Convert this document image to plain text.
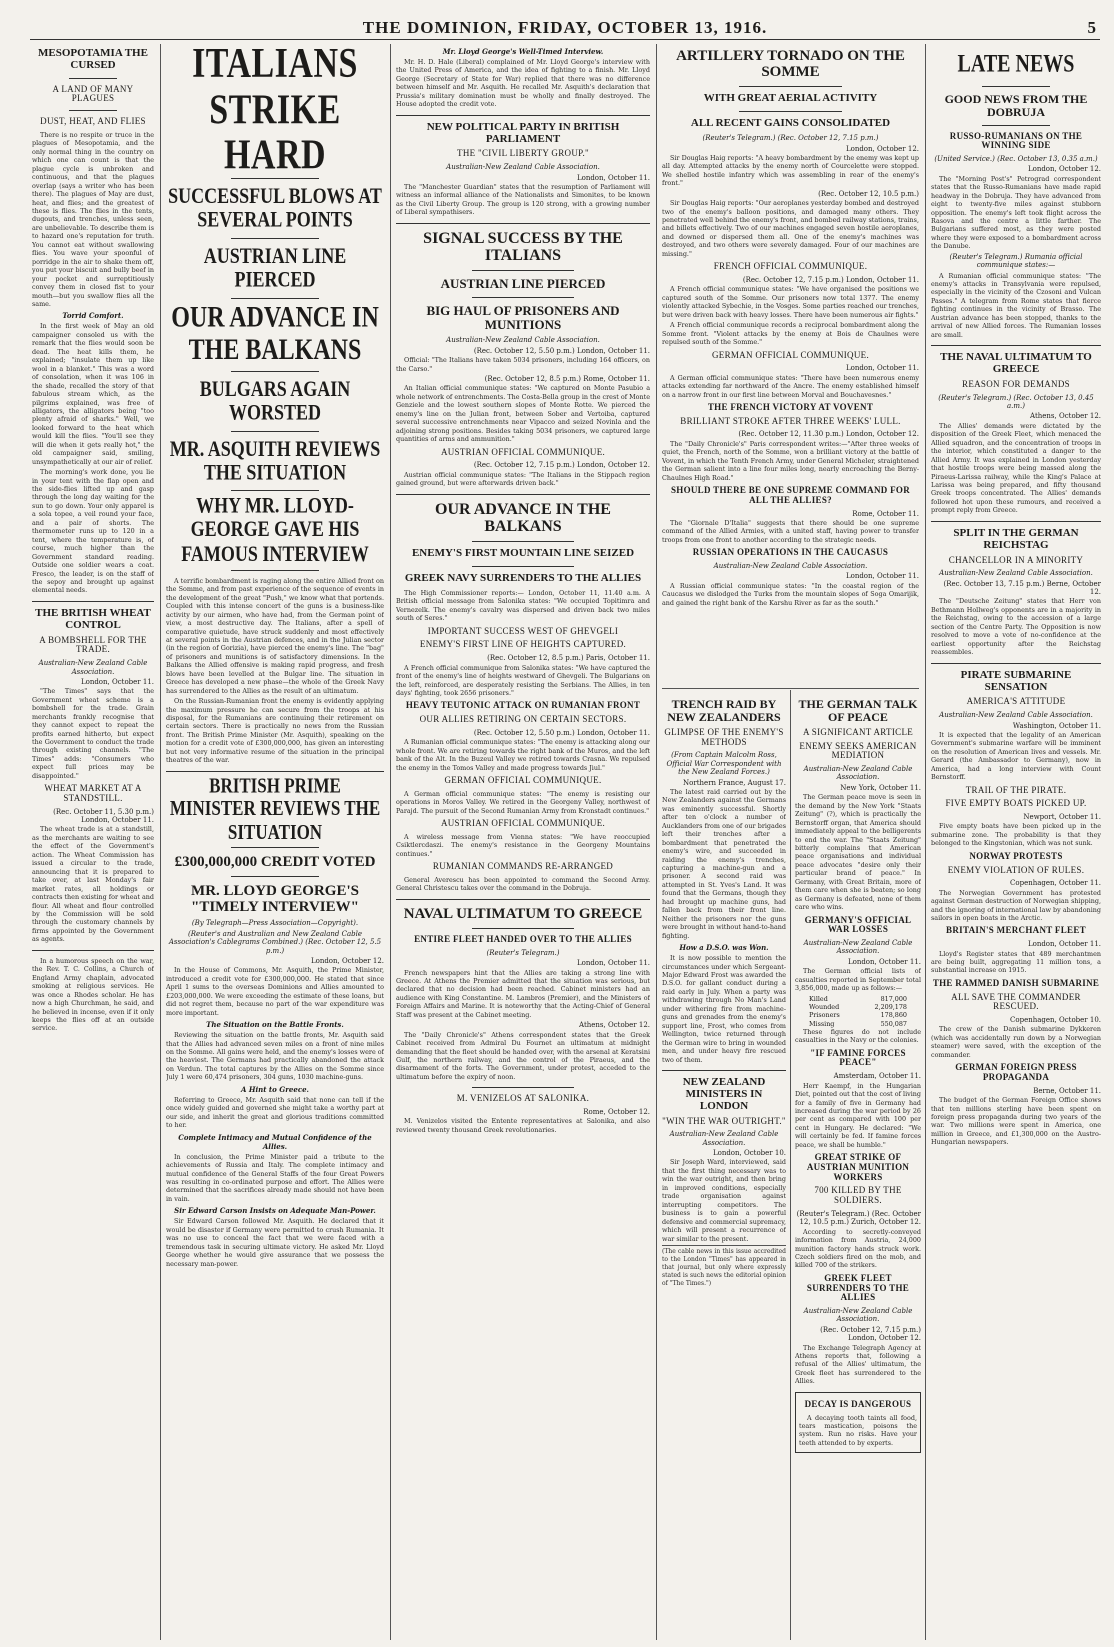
THE DOMINION, FRIDAY, OCTOBER 13, 1916.	5
MESOPOTAMIA THE CURSED
A LAND OF MANY PLAGUES
DUST, HEAT, AND FLIES
There is no respite or truce in the plagues of Mesopotamia, and the only normal thing in the country on which one can count is that the plague cycle is unbroken and continuous, and that the plagues overlap (says a writer who has been there). The plagues of May are dust, heat, and flies; and the greatest of these is flies. The flies in the tents, dugouts, and trenches, unless seen, are unbelievable. To describe them is to hazard one's reputation for truth. You cannot eat without swallowing flies. You wave your spoonful of porridge in the air to shake them off, you put your biscuit and bully beef in your pocket and surreptitiously convey them in closed fist to your mouth—but you swallow flies all the same.
Torrid Comfort.
In the first week of May an old campaigner consoled us with the remark that the flies would soon be dead. The heat kills them, he explained; "insulate them up like wool in a blanket." This was a word of consolation, when it was 106 in the shade, recalled the story of that fabulous stream which, as the pilgrims explained, was free of alligators, the alligators being "too plenty afraid of sharks." Well, we looked forward to the heat which would kill the flies. "You'll see they will die when it gets really hot," the old campaigner said, smiling, unsympathetically at our air of relief.
The morning's work done, you lie in your tent with the flap open and the side-flies lifted up and gasp through the long day waiting for the sun to go down. Your only apparel is a sola topee, a veil round your face, and a pair of shorts. The thermometer runs up to 120 in a tent, where the temperature is, of course, much higher than the Government standard reading. Outside one soldier wears a coat. Fresco, the leader, is on the staff of the sepoy and brought up against elemental needs.
THE BRITISH WHEAT CONTROL
A BOMBSHELL FOR THE TRADE.
Australian-New Zealand Cable Association.
London, October 11.
"The Times" says that the Government wheat scheme is a bombshell for the trade. Grain merchants frankly recognise that they cannot expect to repeat the profits earned hitherto, but expect the Government to conduct the trade through existing channels. "The Times" adds: "Consumers who expect full prices may be disappointed."
WHEAT MARKET AT A STANDSTILL.
(Rec. October 11, 5.30 p.m.) London, October 11.
The wheat trade is at a standstill, as the merchants are waiting to see the effect of the Government's action. The Wheat Commission has issued a circular to the trade, announcing that it is prepared to take over, at last Monday's fair market rates, all holdings or contracts then existing for wheat and flour. All wheat and flour controlled by the Commission will be sold through the customary channels by firms appointed by the Government as agents.
In a humorous speech on the war, the Rev. T. C. Collins, a Church of England Army chaplain, advocated smoking at religious services. He was once a Rhodes scholar. He has now a high Churchman, he said, and he believed in incense, even if it only keeps the flies off at an outside service.
ITALIANS STRIKE HARD
SUCCESSFUL BLOWS AT SEVERAL POINTS
AUSTRIAN LINE PIERCED
OUR ADVANCE IN THE BALKANS
BULGARS AGAIN WORSTED
MR. ASQUITH REVIEWS THE SITUATION
WHY MR. LLOYD-GEORGE GAVE HIS FAMOUS INTERVIEW
A terrific bombardment is raging along the entire Allied front on the Somme, and from past experience of the sequence of events in the development of the great "Push," we know what that portends. Coupled with this intense concert of the guns is a business-like activity by our airmen, who have had, from the German point of view, a most destructive day. The Italians, after a spell of comparative quietude, have struck suddenly and most effectively at several points in the Austrian defences, and in the Julian sector (in the region of Gorizia), have pierced the enemy's line. The "bag" of prisoners and munitions is of satisfactory dimensions. In the Balkans the Allied offensive is making rapid progress, and fresh blows have been levelled at the Bulgar line. The situation in Greece has developed a new phase—the whole of the Greek Navy has surrendered to the Allies as the result of an ultimatum.
On the Russian-Rumanian front the enemy is evidently applying the maximum pressure he can secure from the troops at his disposal, for the Rumanians are continuing their retirement on certain sectors. There is practically no news from the Russian front. The British Prime Minister (Mr. Asquith), speaking on the motion for a credit vote of £300,000,000, has given an interesting but not very informative resume of the situation in the principal theatres of the war.
BRITISH PRIME MINISTER REVIEWS THE SITUATION
£300,000,000 CREDIT VOTED
MR. LLOYD GEORGE'S "TIMELY INTERVIEW"
(By Telegraph—Press Association—Copyright).
(Reuter's and Australian and New Zealand Cable Association's Cablegrams Combined.) (Rec. October 12, 5.5 p.m.)
London, October 12.
In the House of Commons, Mr. Asquith, the Prime Minister, introduced a credit vote for £300,000,000. He stated that since April 1 sums to the overseas Dominions and Allies amounted to £203,000,000. We were exceeding the estimate of these loans, but did not regret them, because no part of the war expenditure was more important.
The Situation on the Battle Fronts.
Reviewing the situation on the battle fronts, Mr. Asquith said that the Allies had advanced seven miles on a front of nine miles on the Somme. All gains were held, and the enemy's losses were of the heaviest. The Germans had practically abandoned the attack on Verdun. The total captures by the Allies on the Somme since July 1 were 60,474 prisoners, 304 guns, 1030 machine-guns.
A Hint to Greece.
Referring to Greece, Mr. Asquith said that none can tell if the once widely guided and governed she might take a worthy part at our side, and inherit the great and glorious traditions committed to her.
Complete Intimacy and Mutual Confidence of the Allies.
In conclusion, the Prime Minister paid a tribute to the achievements of Russia and Italy. The complete intimacy and mutual confidence of the General Staffs of the four Great Powers was resulting in co-ordinated purpose and effort. The Allies were determined that the sacrifices already made should not have been in vain.
Sir Edward Carson Insists on Adequate Man-Power.
Sir Edward Carson followed Mr. Asquith. He declared that it would be disaster if Germany were permitted to crush Rumania. It was no use to conceal the fact that we were faced with a tremendous task in securing ultimate victory. He asked Mr. Lloyd George whether he would give assurance that we possess the necessary man-power.
Mr. Lloyd George's Well-Timed Interview.
Mr. H. D. Hale (Liberal) complained of Mr. Lloyd George's interview with the United Press of America, and the idea of fighting to a finish. Mr. Lloyd George (Secretary of State for War) replied that there was no difference between himself and Mr. Asquith. He recalled Mr. Asquith's declaration that Prussia's military domination must be wholly and finally destroyed. The House adopted the credit vote.
NEW POLITICAL PARTY IN BRITISH PARLIAMENT
THE "CIVIL LIBERTY GROUP."
Australian-New Zealand Cable Association.
London, October 11.
The "Manchester Guardian" states that the resumption of Parliament will witness an informal alliance of the Nationalists and Simonites, to be known as the Civil Liberty Group. The group is 120 strong, with a growing number of Liberal sympathisers.
SIGNAL SUCCESS BY THE ITALIANS
AUSTRIAN LINE PIERCED
BIG HAUL OF PRISONERS AND MUNITIONS
Australian-New Zealand Cable Association.
(Rec. October 12, 5.50 p.m.) London, October 11.
Official: "The Italians have taken 5034 prisoners, including 164 officers, on the Carso."
(Rec. October 12, 8.5 p.m.) Rome, October 11.
An Italian official communique states: "We captured on Monte Pasubio a whole network of entrenchments. The Costa-Bella group in the crest of Monte Genziele and the lowest southern slopes of Monte Rotte. We pierced the enemy's line on the Julian front, between Sober and Vertoiba, captured several successive entrenchments near Vipacco and seized Novinla and the adjoining strong positions. Besides taking 5034 prisoners, we captured large quantities of arms and ammunition."
AUSTRIAN OFFICIAL COMMUNIQUE.
(Rec. October 12, 7.15 p.m.) London, October 12.
Austrian official communique states: "The Italians in the Stippach region gained ground, but were afterwards driven back."
OUR ADVANCE IN THE BALKANS
ENEMY'S FIRST MOUNTAIN LINE SEIZED
GREEK NAVY SURRENDERS TO THE ALLIES
The High Commissioner reports:— London, October 11, 11.40 a.m. A British official message from Salonika states: "We occupied Topitimra and Vernezelk. The enemy's cavalry was dispersed and driven back two miles south of Seres."
IMPORTANT SUCCESS WEST OF GHEVGELI
ENEMY'S FIRST LINE OF HEIGHTS CAPTURED.
(Rec. October 12, 8.5 p.m.) Paris, October 11.
A French official communique from Salonika states: "We have captured the front of the enemy's line of heights westward of Ghevgeli. The Bulgarians on the left, reinforced, are desperately resisting the Serbians. The Allies, in ten days' fighting, took 2656 prisoners."
HEAVY TEUTONIC ATTACK ON RUMANIAN FRONT
OUR ALLIES RETIRING ON CERTAIN SECTORS.
(Rec. October 12, 5.50 p.m.) London, October 11.
A Rumanian official communique states: "The enemy is attacking along our whole front. We are retiring towards the right bank of the Muros, and the left bank of the Alt. In the Buzeul Valley we retired towards Crasna. We repulsed the enemy in the Tomos Valley and made progress towards Jiul."
GERMAN OFFICIAL COMMUNIQUE.
A German official communique states: "The enemy is resisting our operations in Moros Valley. We retired in the Georgeny Valley, northwest of Parajd. The pursuit of the Second Rumanian Army from Kronstadt continues."
AUSTRIAN OFFICIAL COMMUNIQUE.
A wireless message from Vienna states: "We have reoccupied Csiktlercdaszi. The enemy's resistance in the Georgeny Mountains continues."
RUMANIAN COMMANDS RE-ARRANGED
General Averescu has been appointed to command the Second Army. General Christescu takes over the command in the Dobruja.
NAVAL ULTIMATUM TO GREECE
ENTIRE FLEET HANDED OVER TO THE ALLIES
(Reuter's Telegram.)
London, October 11.
French newspapers hint that the Allies are taking a strong line with Greece. At Athens the Premier admitted that the situation was serious, but declared that no decision had been reached. Cabinet ministers had an audience with King Constantine. M. Lambros (Premier), and the Ministers of Foreign Affairs and Marine. It is noteworthy that the Acting-Chief of General Staff was present at the Cabinet meeting.
Athens, October 12.
The "Daily Chronicle's" Athens correspondent states that the Greek Cabinet received from Admiral Du Fournet an ultimatum at midnight demanding that the fleet should be handed over, with the arsenal at Keratsini Gulf, the northern railway, and the control of the Piraeus, and the disarmament of the forts. The Government, under protest, acceded to the ultimatum before the expiry of noon.
M. VENIZELOS AT SALONIKA.
Rome, October 12.
M. Venizelos visited the Entente representatives at Salonika, and also reviewed twenty thousand Greek revolutionaries.
ARTILLERY TORNADO ON THE SOMME
WITH GREAT AERIAL ACTIVITY
ALL RECENT GAINS CONSOLIDATED
(Reuter's Telegram.) (Rec. October 12, 7.15 p.m.)
London, October 12.
Sir Douglas Haig reports: "A heavy bombardment by the enemy was kept up all day. Attempted attacks by the enemy north of Courcelette were stopped. We shelled hostile infantry which was assembling in rear of the enemy's front."
(Rec. October 12, 10.5 p.m.)
Sir Douglas Haig reports: "Our aeroplanes yesterday bombed and destroyed two of the enemy's balloon positions, and damaged many others. They penetrated well behind the enemy's front, and bombed railway stations, trains, and billets effectively. Two of our machines engaged seven hostile aeroplanes, and downed or dispersed them all. One of the enemy's machines was destroyed, and two others were severely damaged. Four of our machines are missing."
FRENCH OFFICIAL COMMUNIQUE.
(Rec. October 12, 7.15 p.m.) London, October 11.
A French official communique states: "We have organised the positions we captured south of the Somme. Our prisoners now total 1377. The enemy violently attacked Sybechie, in the Vosges. Some parties reached our trenches, but were driven back with heavy losses. There have been numerous air fights."
A French official communique records a reciprocal bombardment along the Somme front. "Violent attacks by the enemy at Bois de Chaulnes were repulsed south of the Somme."
GERMAN OFFICIAL COMMUNIQUE.
London, October 11.
A German official communique states: "There have been numerous enemy attacks extending far northward of the Ancre. The enemy established himself on a narrow front in our first line between Morval and Bouchavesnes."
THE FRENCH VICTORY AT VOVENT
BRILLIANT STROKE AFTER THREE WEEKS' LULL.
(Rec. October 12, 11.30 p.m.) London, October 12.
The "Daily Chronicle's" Paris correspondent writes:—"After three weeks of quiet, the French, north of the Somme, won a brilliant victory at the battle of Vovent, in which the Tenth French Army, under General Micheler, straightened the German salient into a line four miles long, nearly encroaching the Berny-Chaulnes High Road."
SHOULD THERE BE ONE SUPREME COMMAND FOR ALL THE ALLIES?
Rome, October 11.
The "Giornale D'Italia" suggests that there should be one supreme command of the Allied Armies, with a united staff, having power to transfer troops from one front to another according to the strategic needs.
RUSSIAN OPERATIONS IN THE CAUCASUS
Australian-New Zealand Cable Association.
London, October 11.
A Russian official communique states: "In the coastal region of the Caucasus we dislodged the Turks from the mountain slopes of Soga Omarijik, and gained the right bank of the Karshu River as far as the south."
TRENCH RAID BY NEW ZEALANDERS
GLIMPSE OF THE ENEMY'S METHODS
(From Captain Malcolm Ross, Official War Correspondent with the New Zealand Forces.)
Northern France, August 17.
The latest raid carried out by the New Zealanders against the Germans was eminently successful. Shortly after ten o'clock a number of Aucklanders from one of our brigades left their trenches after a bombardment that penetrated the enemy's wire, and succeeded in raiding the enemy's trenches, capturing a machine-gun and a prisoner. A second raid was attempted in St. Yves's Land. It was found that the Germans, though they had brought up machine guns, had fallen back from their front line. Neither the prisoners nor the guns were brought in without hand-to-hand fighting.
How a D.S.O. was Won.
It is now possible to mention the circumstances under which Sergeant-Major Edward Frost was awarded the D.S.O. for gallant conduct during a raid early in July. When a party was withdrawing through No Man's Land under withering fire from machine-guns and grenades from the enemy's support line, Frost, who comes from Wellington, twice returned through the German wire to bring in wounded men, and under heavy fire rescued two of them.
NEW ZEALAND MINISTERS IN LONDON
"WIN THE WAR OUTRIGHT."
Australian-New Zealand Cable Association.
London, October 10.
Sir Joseph Ward, interviewed, said that the first thing necessary was to win the war outright, and then bring in improved conditions, especially trade organisation against interrupting competitors. The business is to gain a powerful defensive and commercial supremacy, which will present a recurrence of war similar to the present.
(The cable news in this issue accredited to the London "Times" has appeared in that journal, but only where expressly stated is such news the editorial opinion of "The Times.")
THE GERMAN TALK OF PEACE
A SIGNIFICANT ARTICLE
ENEMY SEEKS AMERICAN MEDIATION
Australian-New Zealand Cable Association.
New York, October 11.
The German peace move is seen in the demand by the New York "Staats Zeitung" (?), which is practically the Bernstorff organ, that America should immediately appeal to the belligerents to end the war. The "Staats Zeitung" bitterly complains that American peace organisations and individual peace advocates "desire only their particular brand of peace." In Germany, with Great Britain, more of them care when she is beaten; so long as Germany is defeated, none of them care who wins.
GERMANY'S OFFICIAL WAR LOSSES
Australian-New Zealand Cable Association.
London, October 11.
The German official lists of casualties reported in September total 3,856,000, made up as follows:—
Killed	817,000
Wounded	2,209,178
Prisoners	178,860
Missing	550,087
These figures do not include casualties in the Navy or the colonies.
"IF FAMINE FORCES PEACE"
Amsterdam, October 11.
Herr Kaempf, in the Hungarian Diet, pointed out that the cost of living for a family of five in Germany had increased during the war period by 26 per cent as compared with 100 per cent in Hungary. He declared: "We will certainly be fed. If famine forces peace, we shall be humble."
GREAT STRIKE OF AUSTRIAN MUNITION WORKERS
700 KILLED BY THE SOLDIERS.
(Reuter's Telegram.) (Rec. October 12, 10.5 p.m.) Zurich, October 12.
According to secretly-conveyed information from Austria, 24,000 munition factory hands struck work. Czech soldiers fired on the mob, and killed 700 of the strikers.
GREEK FLEET SURRENDERS TO THE ALLIES
Australian-New Zealand Cable Association.
(Rec. October 12, 7.15 p.m.) London, October 12.
The Exchange Telegraph Agency at Athens reports that, following a refusal of the Allies' ultimatum, the Greek fleet has surrendered to the Allies.
DECAY IS DANGEROUS
A decaying tooth taints all food, tears mastication, poisons the system. Run no risks. Have your teeth attended to by experts.
LATE NEWS
GOOD NEWS FROM THE DOBRUJA
RUSSO-RUMANIANS ON THE WINNING SIDE
(United Service.) (Rec. October 13, 0.35 a.m.)
London, October 12.
The "Morning Post's" Petrograd correspondent states that the Russo-Rumanians have made rapid headway in the Dobruja. They have advanced from eight to twenty-five miles against stubborn opposition. The enemy's left took flight across the Rasova and the centre a little farther. The Bulgarians suffered most, as they were posted where they were exposed to a bombardment across the Danube.
(Reuter's Telegram.) Rumania official communique states:—
A Rumanian official communique states: "The enemy's attacks in Transylvania were repulsed, especially in the vicinity of the Czosoni and Vulcan Passes." A telegram from Rome states that fierce fighting continues in the vicinity of Brasso. The Austrian advance has been stopped, thanks to the arrival of new Allied forces. The Rumanian losses are small.
THE NAVAL ULTIMATUM TO GREECE
REASON FOR DEMANDS
(Reuter's Telegram.) (Rec. October 13, 0.45 a.m.)
Athens, October 12.
The Allies' demands were dictated by the disposition of the Greek Fleet, which menaced the Allied squadron, and the concentration of troops in the interior, which constituted a danger to the Allied Army. It was explained in London yesterday that hostile troops were being massed along the Piraeus-Larissa railway, while the King's Palace at Larissa was being prepared, and fifty thousand Greek troops concentrated. The Allies' demands followed hot upon these rumours, and received a prompt reply from Greece.
SPLIT IN THE GERMAN REICHSTAG
CHANCELLOR IN A MINORITY
Australian-New Zealand Cable Association.
(Rec. October 13, 7.15 p.m.) Berne, October 12.
The "Deutsche Zeitung" states that Herr von Bethmann Hollweg's opponents are in a majority in the Reichstag, owing to the accession of a large section of the Centre Party. The Opposition is now resolved to move a vote of no-confidence at the earliest opportunity after the Reichstag reassembles.
PIRATE SUBMARINE SENSATION
AMERICA'S ATTITUDE
Australian-New Zealand Cable Association.
Washington, October 11.
It is expected that the legality of an American Government's submarine warfare will be imminent on the resolution of American lives and vessels. Mr. Gerard (the Ambassador to Germany), now in America, had a long interview with Count Bernstorff.
TRAIL OF THE PIRATE.
FIVE EMPTY BOATS PICKED UP.
Newport, October 11.
Five empty boats have been picked up in the submarine zone. The probability is that they belonged to the Kingstonian, which was not sunk.
NORWAY PROTESTS
ENEMY VIOLATION OF RULES.
Copenhagen, October 11.
The Norwegian Government has protested against German destruction of Norwegian shipping, and the ignoring of international law by abandoning sailors in open boats in the Arctic.
BRITAIN'S MERCHANT FLEET
London, October 11.
Lloyd's Register states that 489 merchantmen are being built, aggregating 11 million tons, a substantial increase on 1915.
THE RAMMED DANISH SUBMARINE
ALL SAVE THE COMMANDER RESCUED.
Copenhagen, October 10.
The crew of the Danish submarine Dykkeren (which was accidentally run down by a Norwegian steamer) were saved, with the exception of the commander.
GERMAN FOREIGN PRESS PROPAGANDA
Berne, October 11.
The budget of the German Foreign Office shows that ten millions sterling have been spent on foreign press propaganda during two years of the war. Two millions were spent in America, one million in Greece, and £1,300,000 on the Austro-Hungarian newspapers.
